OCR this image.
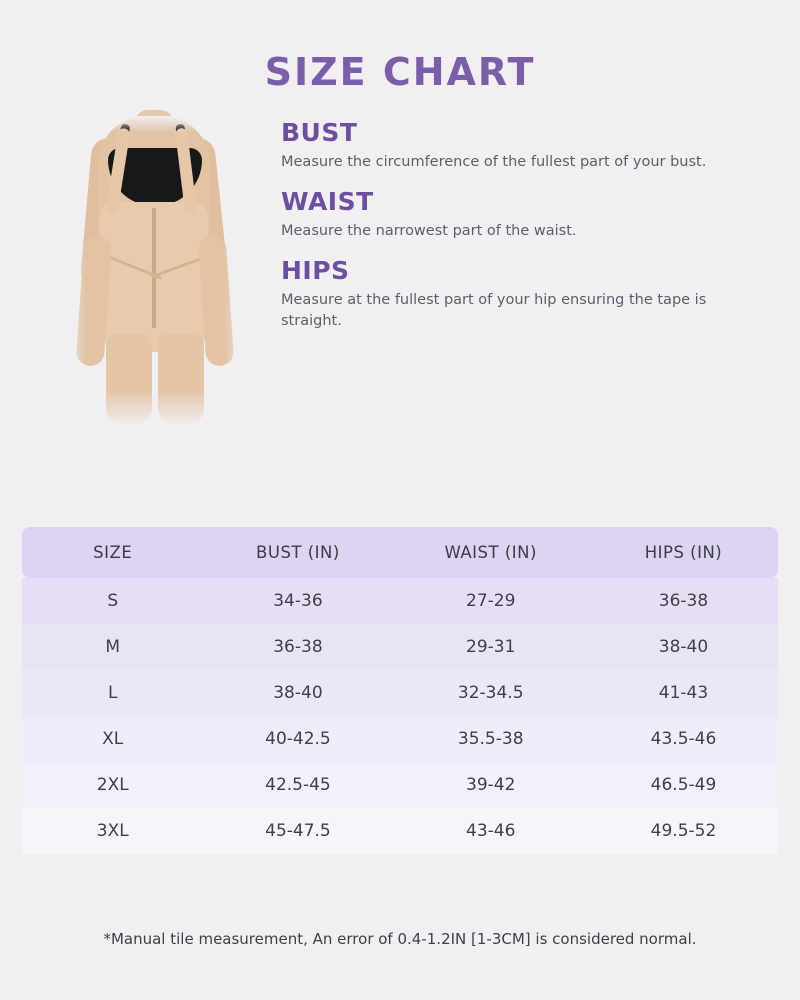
SIZE CHART
BUST
Measure the circumference of the fullest part of your bust.
WAIST
Measure the narrowest part of the waist.
HIPS
Measure at the fullest part of your hip ensuring the tape is straight.
SIZE	BUST (IN)	WAIST (IN)	HIPS (IN)
S	34-36	27-29	36-38
M	36-38	29-31	38-40
L	38-40	32-34.5	41-43
XL	40-42.5	35.5-38	43.5-46
2XL	42.5-45	39-42	46.5-49
3XL	45-47.5	43-46	49.5-52
*Manual tile measurement, An error of 0.4-1.2IN [1-3CM] is considered normal.
